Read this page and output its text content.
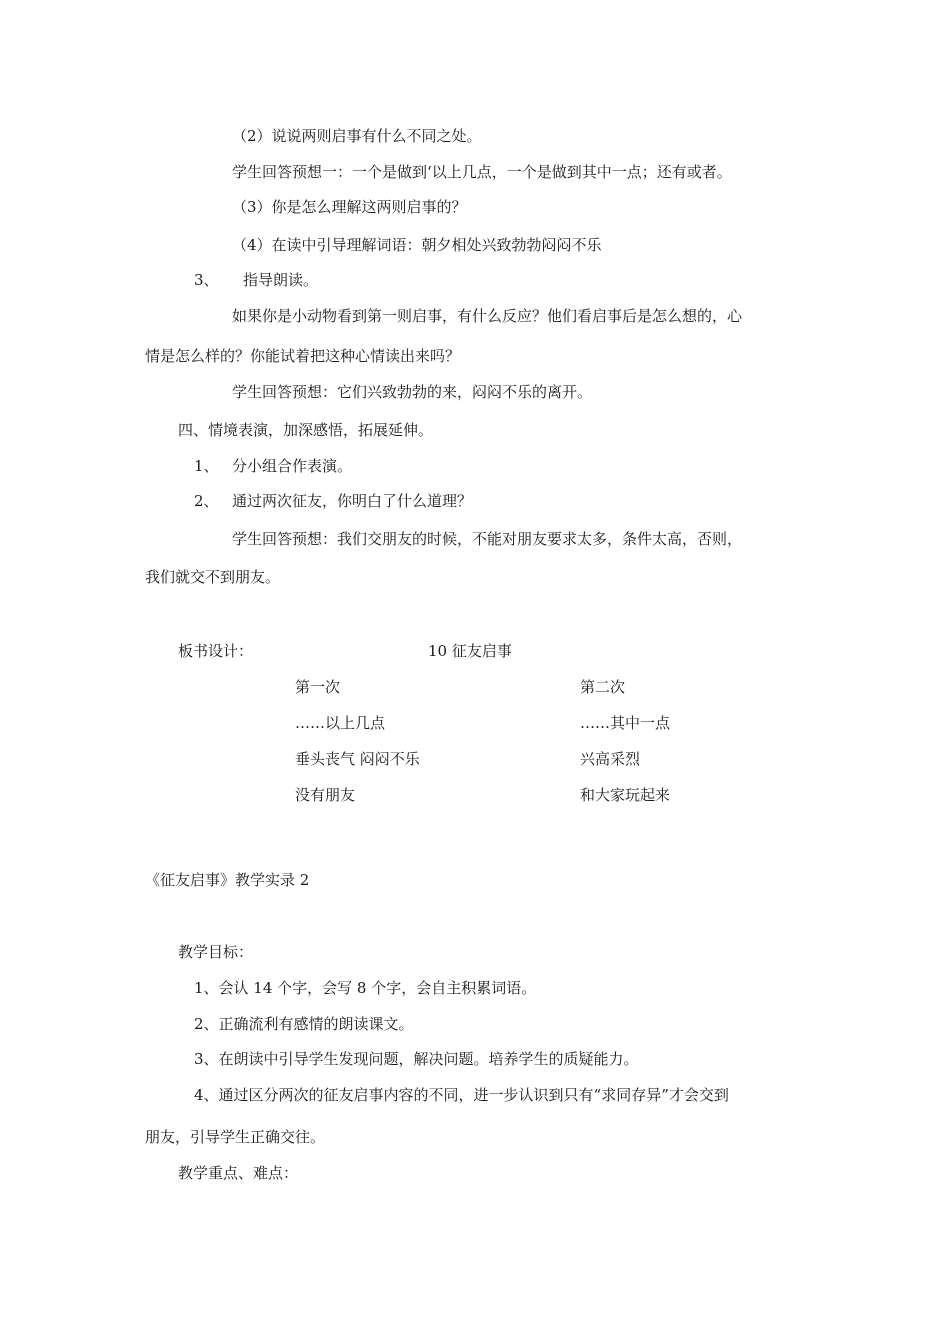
（2）说说两则启事有什么不同之处。
学生回答预想一：一个是做到‘以上几点，一个是做到其中一点；还有或者。
（3）你是怎么理解这两则启事的？
（4）在读中引导理解词语：朝夕相处兴致勃勃闷闷不乐
3、 指导朗读。
如果你是小动物看到第一则启事，有什么反应？他们看启事后是怎么想的，心
情是怎么样的？你能试着把这种心情读出来吗？
学生回答预想：它们兴致勃勃的来，闷闷不乐的离开。
四、情境表演，加深感悟，拓展延伸。
1、 分小组合作表演。
2、 通过两次征友，你明白了什么道理？
学生回答预想：我们交朋友的时候，不能对朋友要求太多，条件太高，否则，
我们就交不到朋友。
板书设计：	10 征友启事
第一次
……以上几点
垂头丧气 闷闷不乐
没有朋友
第二次
……其中一点
兴高采烈
和大家玩起来
《征友启事》教学实录 2
教学目标：
1、会认 14 个字，会写 8 个字，会自主积累词语。
2、正确流利有感情的朗读课文。
3、在朗读中引导学生发现问题，解决问题。培养学生的质疑能力。
4、通过区分两次的征友启事内容的不同，进一步认识到只有“求同存异”才会交到
朋友，引导学生正确交往。
教学重点、难点：
